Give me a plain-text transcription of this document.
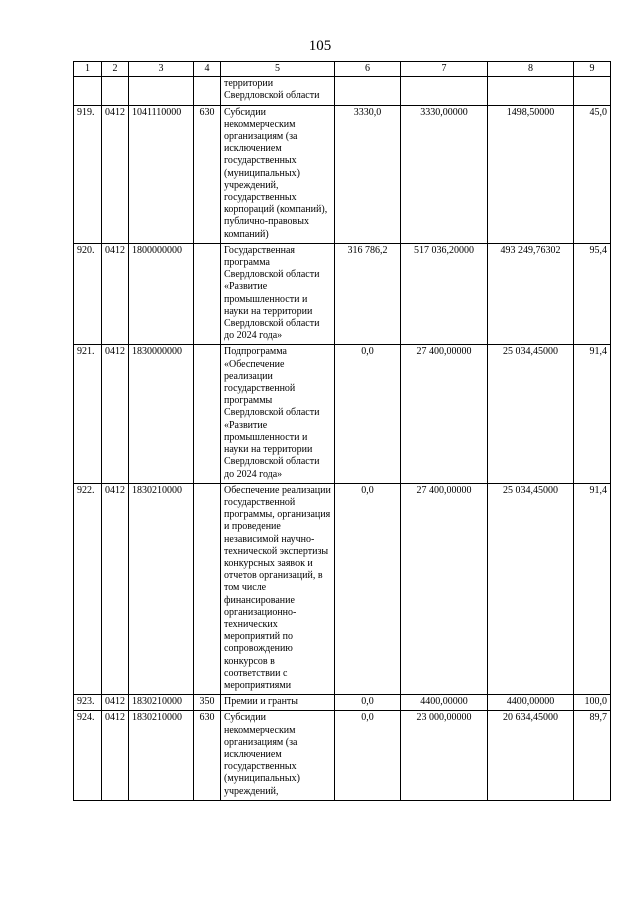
105
1	2	3	4	5	6	7	8	9
				территории Свердловской области				
919.	0412	1041110000	630	Субсидии некоммерческим организациям (за исключением государственных (муниципальных) учреждений, государственных корпораций (компаний), публично-правовых компаний)	3330,0	3330,00000	1498,50000	45,0
920.	0412	1800000000		Государственная программа Свердловской области «Развитие промышленности и науки на территории Свердловской области до 2024 года»	316 786,2	517 036,20000	493 249,76302	95,4
921.	0412	1830000000		Подпрограмма «Обеспечение реализации государственной программы Свердловской области «Развитие промышленности и науки на территории Свердловской области до 2024 года»	0,0	27 400,00000	25 034,45000	91,4
922.	0412	1830210000		Обеспечение реализации государственной программы, организация и проведение независимой научно-технической экспертизы конкурсных заявок и отчетов организаций, в том числе финансирование организационно-технических мероприятий по сопровождению конкурсов в соответствии с мероприятиями	0,0	27 400,00000	25 034,45000	91,4
923.	0412	1830210000	350	Премии и гранты	0,0	4400,00000	4400,00000	100,0
924.	0412	1830210000	630	Субсидии некоммерческим организациям (за исключением государственных (муниципальных) учреждений,	0,0	23 000,00000	20 634,45000	89,7
